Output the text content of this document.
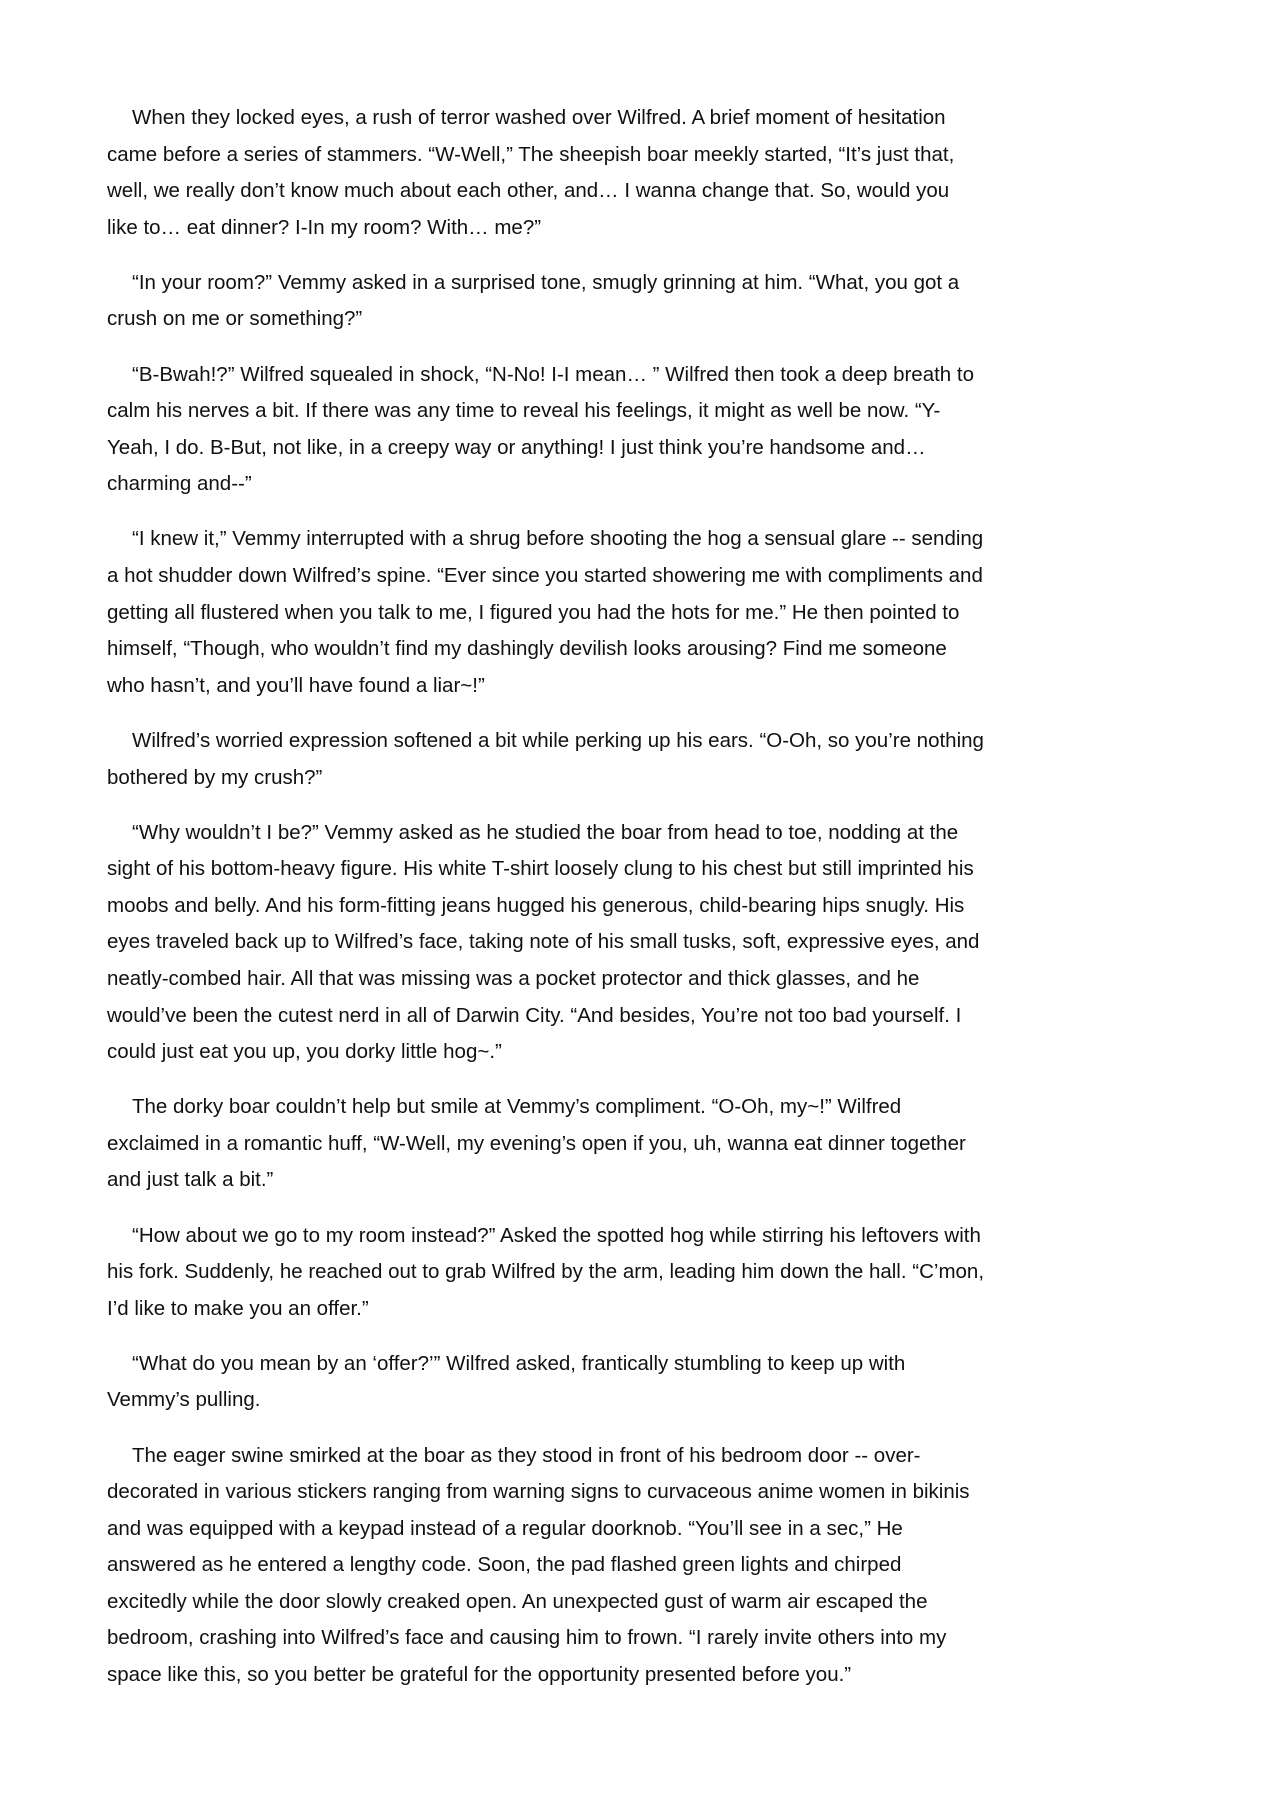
When they locked eyes, a rush of terror washed over Wilfred. A brief moment of hesitation
came before a series of stammers. “W-Well,” The sheepish boar meekly started, “It’s just that,
well, we really don’t know much about each other, and… I wanna change that. So, would you
like to… eat dinner? I-In my room? With… me?”
“In your room?” Vemmy asked in a surprised tone, smugly grinning at him. “What, you got a
crush on me or something?”
“B-Bwah!?” Wilfred squealed in shock, “N-No! I-I mean… ” Wilfred then took a deep breath to
calm his nerves a bit. If there was any time to reveal his feelings, it might as well be now. “Y-
Yeah, I do. B-But, not like, in a creepy way or anything! I just think you’re handsome and…
charming and--”
“I knew it,” Vemmy interrupted with a shrug before shooting the hog a sensual glare -- sending
a hot shudder down Wilfred’s spine. “Ever since you started showering me with compliments and
getting all flustered when you talk to me, I figured you had the hots for me.” He then pointed to
himself, “Though, who wouldn’t find my dashingly devilish looks arousing? Find me someone
who hasn’t, and you’ll have found a liar~!”
Wilfred’s worried expression softened a bit while perking up his ears. “O-Oh, so you’re nothing
bothered by my crush?”
“Why wouldn’t I be?” Vemmy asked as he studied the boar from head to toe, nodding at the
sight of his bottom-heavy figure. His white T-shirt loosely clung to his chest but still imprinted his
moobs and belly. And his form-fitting jeans hugged his generous, child-bearing hips snugly. His
eyes traveled back up to Wilfred’s face, taking note of his small tusks, soft, expressive eyes, and
neatly-combed hair. All that was missing was a pocket protector and thick glasses, and he
would’ve been the cutest nerd in all of Darwin City. “And besides, You’re not too bad yourself. I
could just eat you up, you dorky little hog~.”
The dorky boar couldn’t help but smile at Vemmy’s compliment. “O-Oh, my~!” Wilfred
exclaimed in a romantic huff, “W-Well, my evening’s open if you, uh, wanna eat dinner together
and just talk a bit.”
“How about we go to my room instead?” Asked the spotted hog while stirring his leftovers with
his fork. Suddenly, he reached out to grab Wilfred by the arm, leading him down the hall. “C’mon,
I’d like to make you an offer.”
“What do you mean by an ‘offer?’” Wilfred asked, frantically stumbling to keep up with
Vemmy’s pulling.
The eager swine smirked at the boar as they stood in front of his bedroom door -- over-
decorated in various stickers ranging from warning signs to curvaceous anime women in bikinis
and was equipped with a keypad instead of a regular doorknob. “You’ll see in a sec,” He
answered as he entered a lengthy code. Soon, the pad flashed green lights and chirped
excitedly while the door slowly creaked open. An unexpected gust of warm air escaped the
bedroom, crashing into Wilfred’s face and causing him to frown. “I rarely invite others into my
space like this, so you better be grateful for the opportunity presented before you.”
